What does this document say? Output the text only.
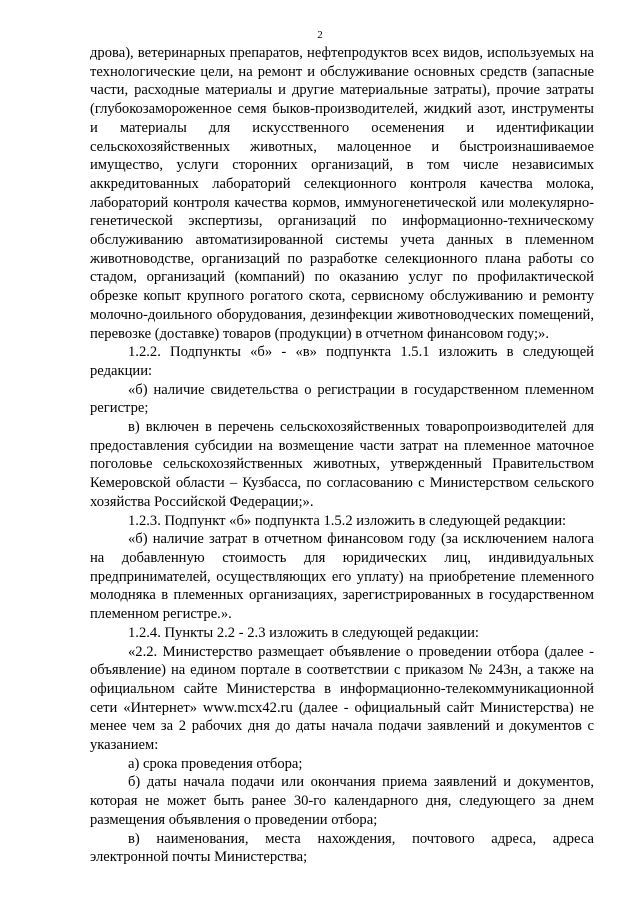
2

дрова), ветеринарных препаратов, нефтепродуктов всех видов, используемых на технологические цели, на ремонт и обслуживание основных средств (запасные части, расходные материалы и другие материальные затраты), прочие затраты (глубокозамороженное семя быков-производителей, жидкий азот, инструменты и материалы для искусственного осеменения и идентификации сельскохозяйственных животных, малоценное и быстроизнашиваемое имущество, услуги сторонних организаций, в том числе независимых аккредитованных лабораторий селекционного контроля качества молока, лабораторий контроля качества кормов, иммуногенетической или молекулярно-генетической экспертизы, организаций по информационно-техническому обслуживанию автоматизированной системы учета данных в племенном животноводстве, организаций по разработке селекционного плана работы со стадом, организаций (компаний) по оказанию услуг по профилактической обрезке копыт крупного рогатого скота, сервисному обслуживанию и ремонту молочно-доильного оборудования, дезинфекции животноводческих помещений, перевозке (доставке) товаров (продукции) в отчетном финансовом году;».

1.2.2. Подпункты «б» - «в» подпункта 1.5.1 изложить в следующей редакции:

«б) наличие свидетельства о регистрации в государственном племенном регистре;

в) включен в перечень сельскохозяйственных товаропроизводителей для предоставления субсидии на возмещение части затрат на племенное маточное поголовье сельскохозяйственных животных, утвержденный Правительством Кемеровской области – Кузбасса, по согласованию с Министерством сельского хозяйства Российской Федерации;».

1.2.3. Подпункт «б» подпункта 1.5.2 изложить в следующей редакции:

«б) наличие затрат в отчетном финансовом году (за исключением налога на добавленную стоимость для юридических лиц, индивидуальных предпринимателей, осуществляющих его уплату) на приобретение племенного молодняка в племенных организациях, зарегистрированных в государственном племенном регистре.».

1.2.4. Пункты 2.2 - 2.3 изложить в следующей редакции:

«2.2. Министерство размещает объявление о проведении отбора (далее - объявление) на едином портале в соответствии с приказом № 243н, а также на официальном сайте Министерства в информационно-телекоммуникационной сети «Интернет» www.mcx42.ru (далее - официальный сайт Министерства) не менее чем за 2 рабочих дня до даты начала подачи заявлений и документов с указанием:

а) срока проведения отбора;

б) даты начала подачи или окончания приема заявлений и документов, которая не может быть ранее 30-го календарного дня, следующего за днем размещения объявления о проведении отбора;

в) наименования, места нахождения, почтового адреса, адреса электронной почты Министерства;
